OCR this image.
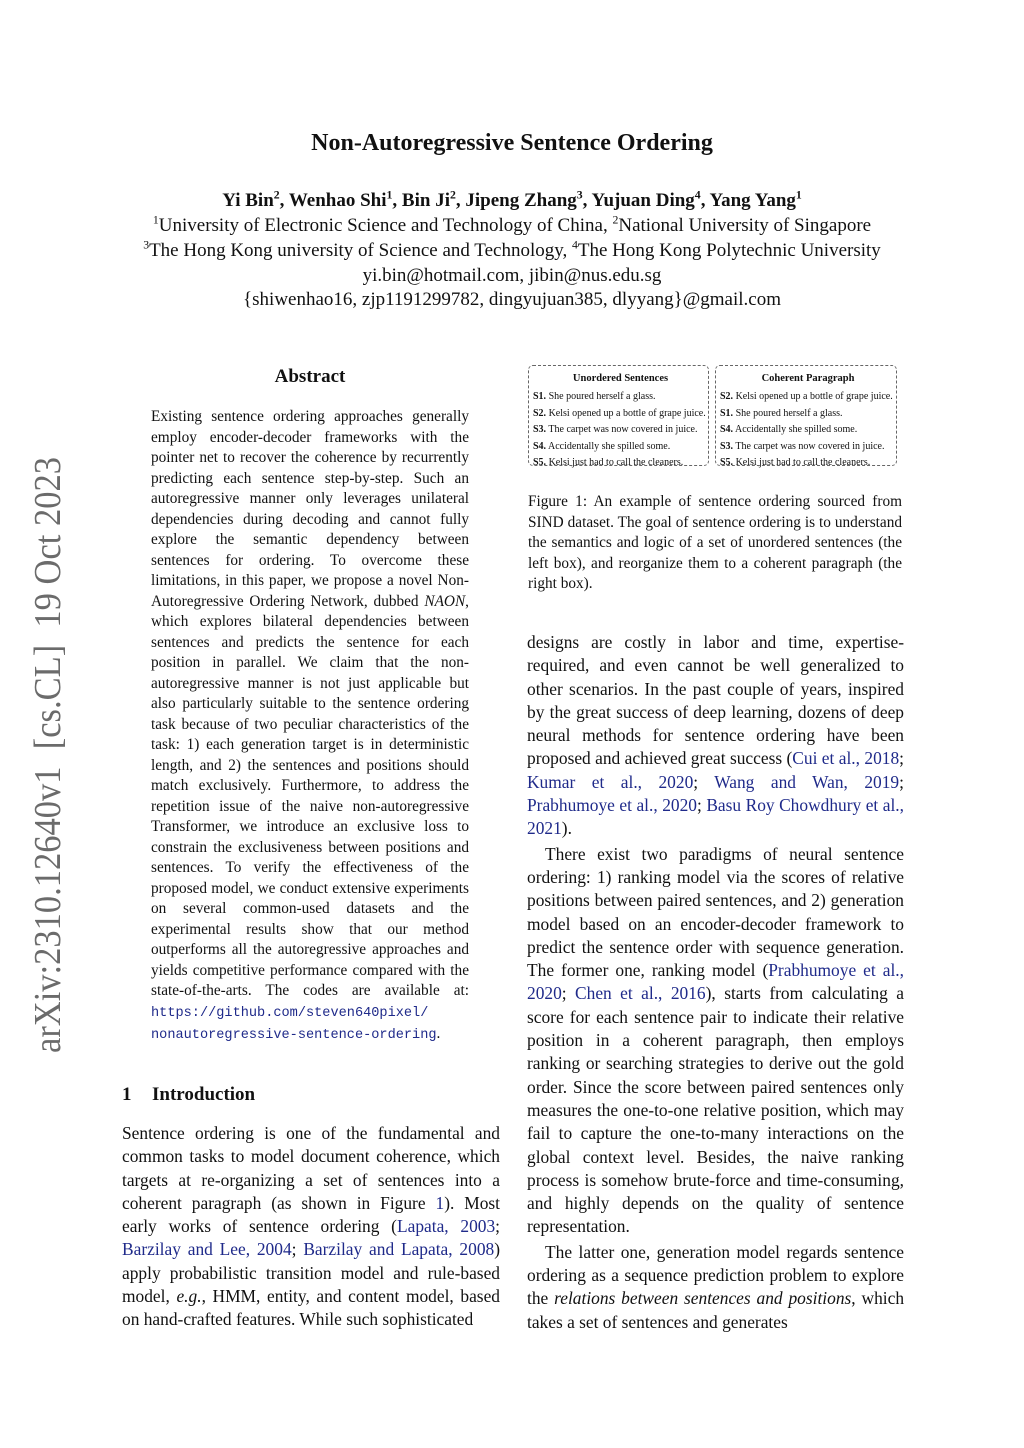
arXiv:2310.12640v1  [cs.CL]  19 Oct 2023
Non-Autoregressive Sentence Ordering
Yi Bin$^2$, Wenhao Shi$^1$, Bin Ji$^2$, Jipeng Zhang$^3$, Yujuan Ding$^4$, Yang Yang$^1$
$^1$University of Electronic Science and Technology of China, $^2$National University of Singapore
$^3$The Hong Kong university of Science and Technology, $^4$The Hong Kong Polytechnic University
yi.bin@hotmail.com, jibin@nus.edu.sg
{shiwenhao16, zjp1191299782, dingyujuan385, dlyyang}@gmail.com
Abstract
Existing sentence ordering approaches generally employ encoder-decoder frameworks with the pointer net to recover the coherence by recurrently predicting each sentence step-by-step. Such an autoregressive manner only leverages unilateral dependencies during decoding and cannot fully explore the semantic dependency between sentences for ordering. To overcome these limitations, in this paper, we propose a novel Non-Autoregressive Ordering Network, dubbed NAON, which explores bilateral dependencies between sentences and predicts the sentence for each position in parallel. We claim that the non-autoregressive manner is not just applicable but also particularly suitable to the sentence ordering task because of two peculiar characteristics of the task: 1) each generation target is in deterministic length, and 2) the sentences and positions should match exclusively. Furthermore, to address the repetition issue of the naive non-autoregressive Transformer, we introduce an exclusive loss to constrain the exclusiveness between positions and sentences. To verify the effectiveness of the proposed model, we conduct extensive experiments on several common-used datasets and the experimental results show that our method outperforms all the autoregressive approaches and yields competitive performance compared with the state-of-the-arts. The codes are available at: https://github.com/steven640pixel/
nonautoregressive-sentence-ordering.
1 Introduction
Sentence ordering is one of the fundamental and common tasks to model document coherence, which targets at re-organizing a set of sentences into a coherent paragraph (as shown in Figure 1). Most early works of sentence ordering (Lapata, 2003; Barzilay and Lee, 2004; Barzilay and Lapata, 2008) apply probabilistic transition model and rule-based model, e.g., HMM, entity, and content model, based on hand-crafted features. While such sophisticated
Unordered Sentences
S1. She poured herself a glass.
S2. Kelsi opened up a bottle of grape juice.
S3. The carpet was now covered in juice.
S4. Accidentally she spilled some.
S5. Kelsi just had to call the cleaners.
Coherent Paragraph
S2. Kelsi opened up a bottle of grape juice.
S1. She poured herself a glass.
S4. Accidentally she spilled some.
S3. The carpet was now covered in juice.
S5. Kelsi just had to call the cleaners.
Figure 1: An example of sentence ordering sourced from SIND dataset. The goal of sentence ordering is to understand the semantics and logic of a set of unordered sentences (the left box), and reorganize them to a coherent paragraph (the right box).

designs are costly in labor and time, expertise-required, and even cannot be well generalized to other scenarios. In the past couple of years, inspired by the great success of deep learning, dozens of deep neural methods for sentence ordering have been proposed and achieved great success (Cui et al., 2018; Kumar et al., 2020; Wang and Wan, 2019; Prabhumoye et al., 2020; Basu Roy Chowdhury et al., 2021).

There exist two paradigms of neural sentence ordering: 1) ranking model via the scores of relative positions between paired sentences, and 2) generation model based on an encoder-decoder framework to predict the sentence order with sequence generation. The former one, ranking model (Prabhumoye et al., 2020; Chen et al., 2016), starts from calculating a score for each sentence pair to indicate their relative position in a coherent paragraph, then employs ranking or searching strategies to derive out the gold order. Since the score between paired sentences only measures the one-to-one relative position, which may fail to capture the one-to-many interactions on the global context level. Besides, the naive ranking process is somehow brute-force and time-consuming, and highly depends on the quality of sentence representation.

The latter one, generation model regards sentence ordering as a sequence prediction problem to explore the relations between sentences and positions, which takes a set of sentences and generates
